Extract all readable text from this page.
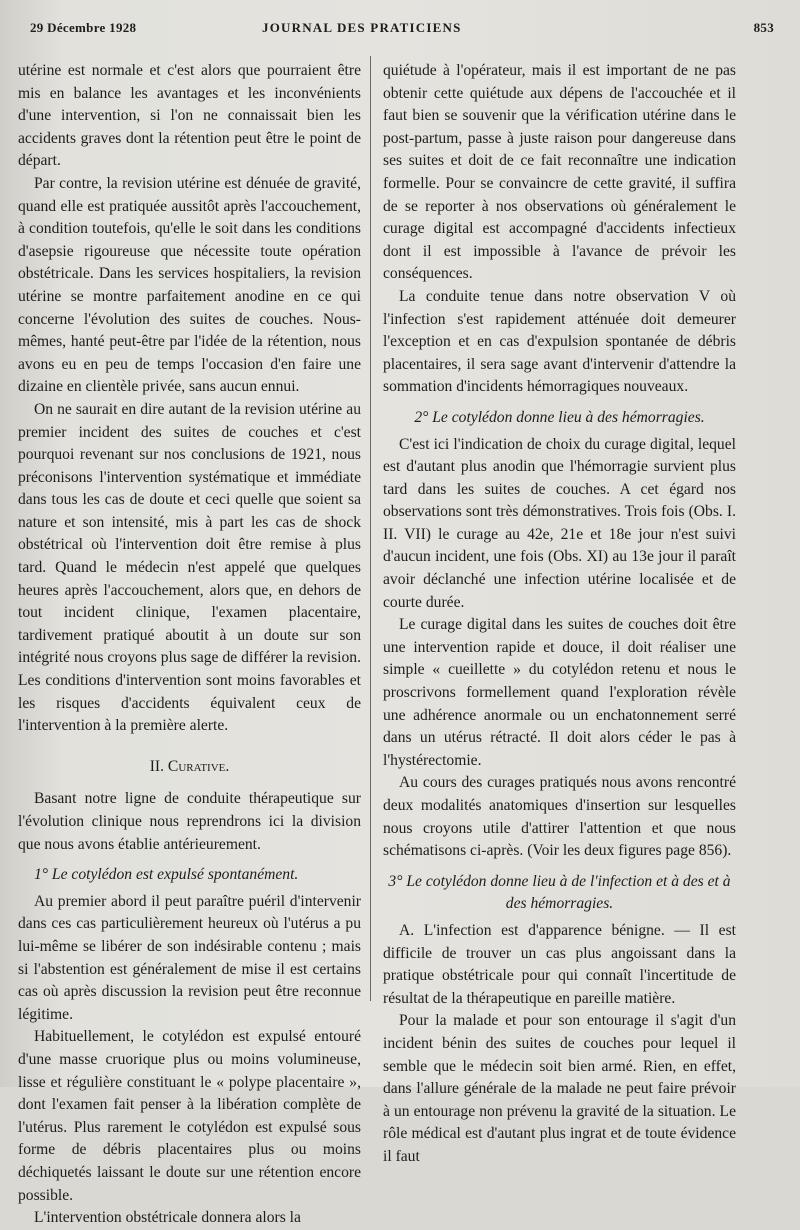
29 Décembre 1928	JOURNAL DES PRATICIENS	853

utérine est normale et c'est alors que pourraient être mis en balance les avantages et les inconvénients d'une intervention, si l'on ne connaissait bien les accidents graves dont la rétention peut être le point de départ.

Par contre, la revision utérine est dénuée de gravité, quand elle est pratiquée aussitôt après l'accouchement, à condition toutefois, qu'elle le soit dans les conditions d'asepsie rigoureuse que nécessite toute opération obstétricale. Dans les services hospitaliers, la revision utérine se montre parfaitement anodine en ce qui concerne l'évolution des suites de couches. Nous-mêmes, hanté peut-être par l'idée de la rétention, nous avons eu en peu de temps l'occasion d'en faire une dizaine en clientèle privée, sans aucun ennui.

On ne saurait en dire autant de la revision utérine au premier incident des suites de couches et c'est pourquoi revenant sur nos conclusions de 1921, nous préconisons l'intervention systématique et immédiate dans tous les cas de doute et ceci quelle que soient sa nature et son intensité, mis à part les cas de shock obstétrical où l'intervention doit être remise à plus tard. Quand le médecin n'est appelé que quelques heures après l'accouchement, alors que, en dehors de tout incident clinique, l'examen placentaire, tardivement pratiqué aboutit à un doute sur son intégrité nous croyons plus sage de différer la revision. Les conditions d'intervention sont moins favorables et les risques d'accidents équivalent ceux de l'intervention à la première alerte.

II. Curative.

Basant notre ligne de conduite thérapeutique sur l'évolution clinique nous reprendrons ici la division que nous avons établie antérieurement.

1° Le cotylédon est expulsé spontanément.

Au premier abord il peut paraître puéril d'intervenir dans ces cas particulièrement heureux où l'utérus a pu lui-même se libérer de son indésirable contenu ; mais si l'abstention est généralement de mise il est certains cas où après discussion la revision peut être reconnue légitime.

Habituellement, le cotylédon est expulsé entouré d'une masse cruorique plus ou moins volumineuse, lisse et régulière constituant le « polype placentaire », dont l'examen fait penser à la libération complète de l'utérus. Plus rarement le cotylédon est expulsé sous forme de débris placentaires plus ou moins déchiquetés laissant le doute sur une rétention encore possible.

L'intervention obstétricale donnera alors la

quiétude à l'opérateur, mais il est important de ne pas obtenir cette quiétude aux dépens de l'accouchée et il faut bien se souvenir que la vérification utérine dans le post-partum, passe à juste raison pour dangereuse dans ses suites et doit de ce fait reconnaître une indication formelle. Pour se convaincre de cette gravité, il suffira de se reporter à nos observations où généralement le curage digital est accompagné d'accidents infectieux dont il est impossible à l'avance de prévoir les conséquences.

La conduite tenue dans notre observation V où l'infection s'est rapidement atténuée doit demeurer l'exception et en cas d'expulsion spontanée de débris placentaires, il sera sage avant d'intervenir d'attendre la sommation d'incidents hémorragiques nouveaux.

2° Le cotylédon donne lieu à des hémorragies.

C'est ici l'indication de choix du curage digital, lequel est d'autant plus anodin que l'hémorragie survient plus tard dans les suites de couches. A cet égard nos observations sont très démonstratives. Trois fois (Obs. I. II. VII) le curage au 42e, 21e et 18e jour n'est suivi d'aucun incident, une fois (Obs. XI) au 13e jour il paraît avoir déclanché une infection utérine localisée et de courte durée.

Le curage digital dans les suites de couches doit être une intervention rapide et douce, il doit réaliser une simple « cueillette » du cotylédon retenu et nous le proscrivons formellement quand l'exploration révèle une adhérence anormale ou un enchatonnement serré dans un utérus rétracté. Il doit alors céder le pas à l'hystérectomie.

Au cours des curages pratiqués nous avons rencontré deux modalités anatomiques d'insertion sur lesquelles nous croyons utile d'attirer l'attention et que nous schématisons ci-après. (Voir les deux figures page 856).

3° Le cotylédon donne lieu à de l'infection et à des et à des hémorragies.

A. L'infection est d'apparence bénigne. — Il est difficile de trouver un cas plus angoissant dans la pratique obstétricale pour qui connaît l'incertitude de résultat de la thérapeutique en pareille matière.

Pour la malade et pour son entourage il s'agit d'un incident bénin des suites de couches pour lequel il semble que le médecin soit bien armé. Rien, en effet, dans l'allure générale de la malade ne peut faire prévoir à un entourage non prévenu la gravité de la situation. Le rôle médical est d'autant plus ingrat et de toute évidence il faut
